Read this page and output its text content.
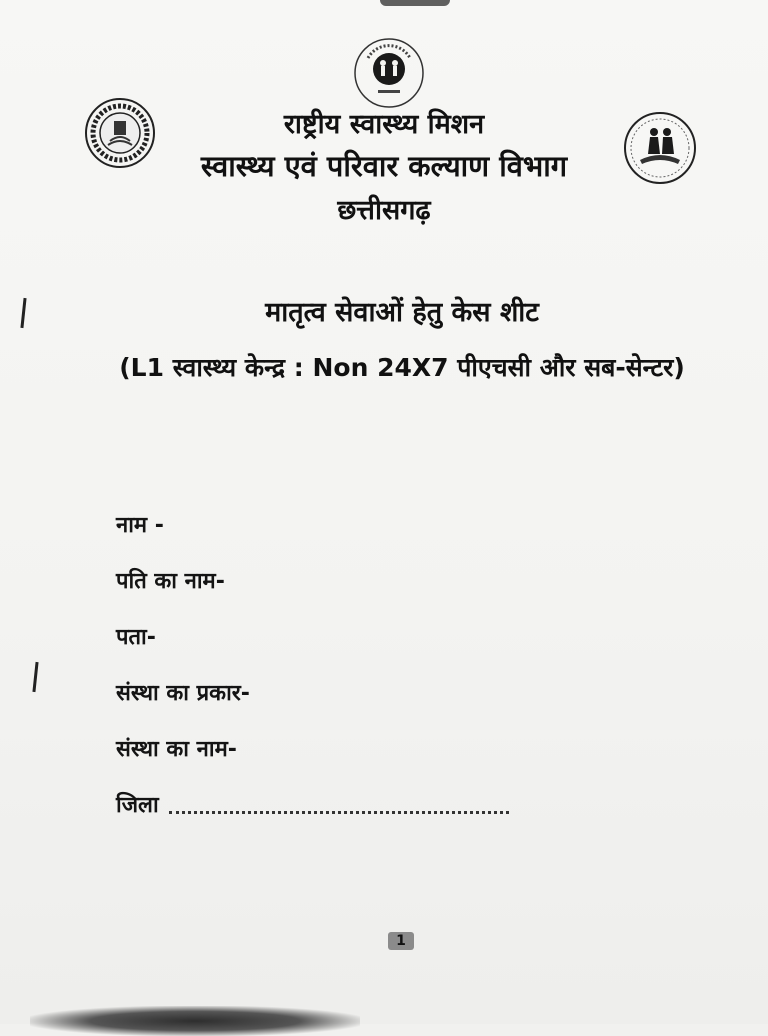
राष्ट्रीय स्वास्थ्य मिशन
स्वास्थ्य एवं परिवार कल्याण विभाग
छत्तीसगढ़
मातृत्व सेवाओं हेतु केस शीट
(L1 स्वास्थ्य केन्द्र : Non 24X7 पीएचसी और सब-सेन्टर)
नाम -
पति का नाम-
पता-
संस्था का प्रकार-
संस्था का नाम-
जिला
1
